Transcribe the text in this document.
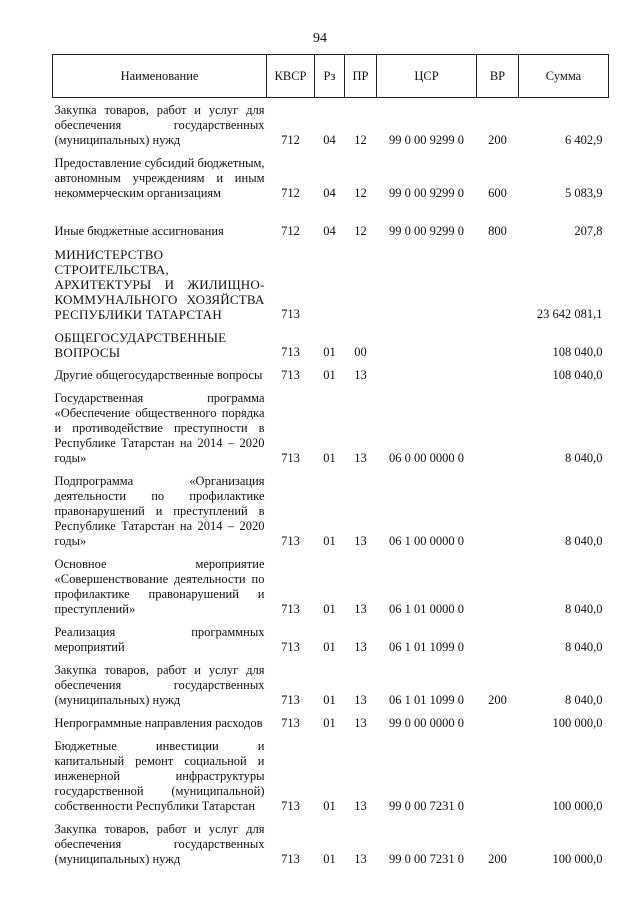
94
Наименование	КВСР	Рз	ПР	ЦСР	ВР	Сумма
Закупка товаров, работ и услуг для обеспечения государственных (муниципальных) нужд	712	04	12	99 0 00 9299 0	200	6 402,9
Предоставление субсидий бюджетным, автономным учреждениям и иным некоммерческим организациям	712	04	12	99 0 00 9299 0	600	5 083,9
Иные бюджетные ассигнования	712	04	12	99 0 00 9299 0	800	207,8
МИНИСТЕРСТВО СТРОИТЕЛЬСТВА, АРХИТЕКТУРЫ И ЖИЛИЩНО-КОММУНАЛЬНОГО ХОЗЯЙСТВА РЕСПУБЛИКИ ТАТАРСТАН	713					23 642 081,1
ОБЩЕГОСУДАРСТВЕННЫЕ ВОПРОСЫ	713	01	00			108 040,0
Другие общегосударственные вопросы	713	01	13			108 040,0
Государственная программа «Обеспечение общественного порядка и противодействие преступности в Республике Татарстан на 2014 – 2020 годы»	713	01	13	06 0 00 0000 0		8 040,0
Подпрограмма «Организация деятельности по профилактике правонарушений и преступлений в Республике Татарстан на 2014 – 2020 годы»	713	01	13	06 1 00 0000 0		8 040,0
Основное мероприятие «Совершенствование деятельности по профилактике правонарушений и преступлений»	713	01	13	06 1 01 0000 0		8 040,0
Реализация программных мероприятий	713	01	13	06 1 01 1099 0		8 040,0
Закупка товаров, работ и услуг для обеспечения государственных (муниципальных) нужд	713	01	13	06 1 01 1099 0	200	8 040,0
Непрограммные направления расходов	713	01	13	99 0 00 0000 0		100 000,0
Бюджетные инвестиции и капитальный ремонт социальной и инженерной инфраструктуры государственной (муниципальной) собственности Республики Татарстан	713	01	13	99 0 00 7231 0		100 000,0
Закупка товаров, работ и услуг для обеспечения государственных (муниципальных) нужд	713	01	13	99 0 00 7231 0	200	100 000,0
